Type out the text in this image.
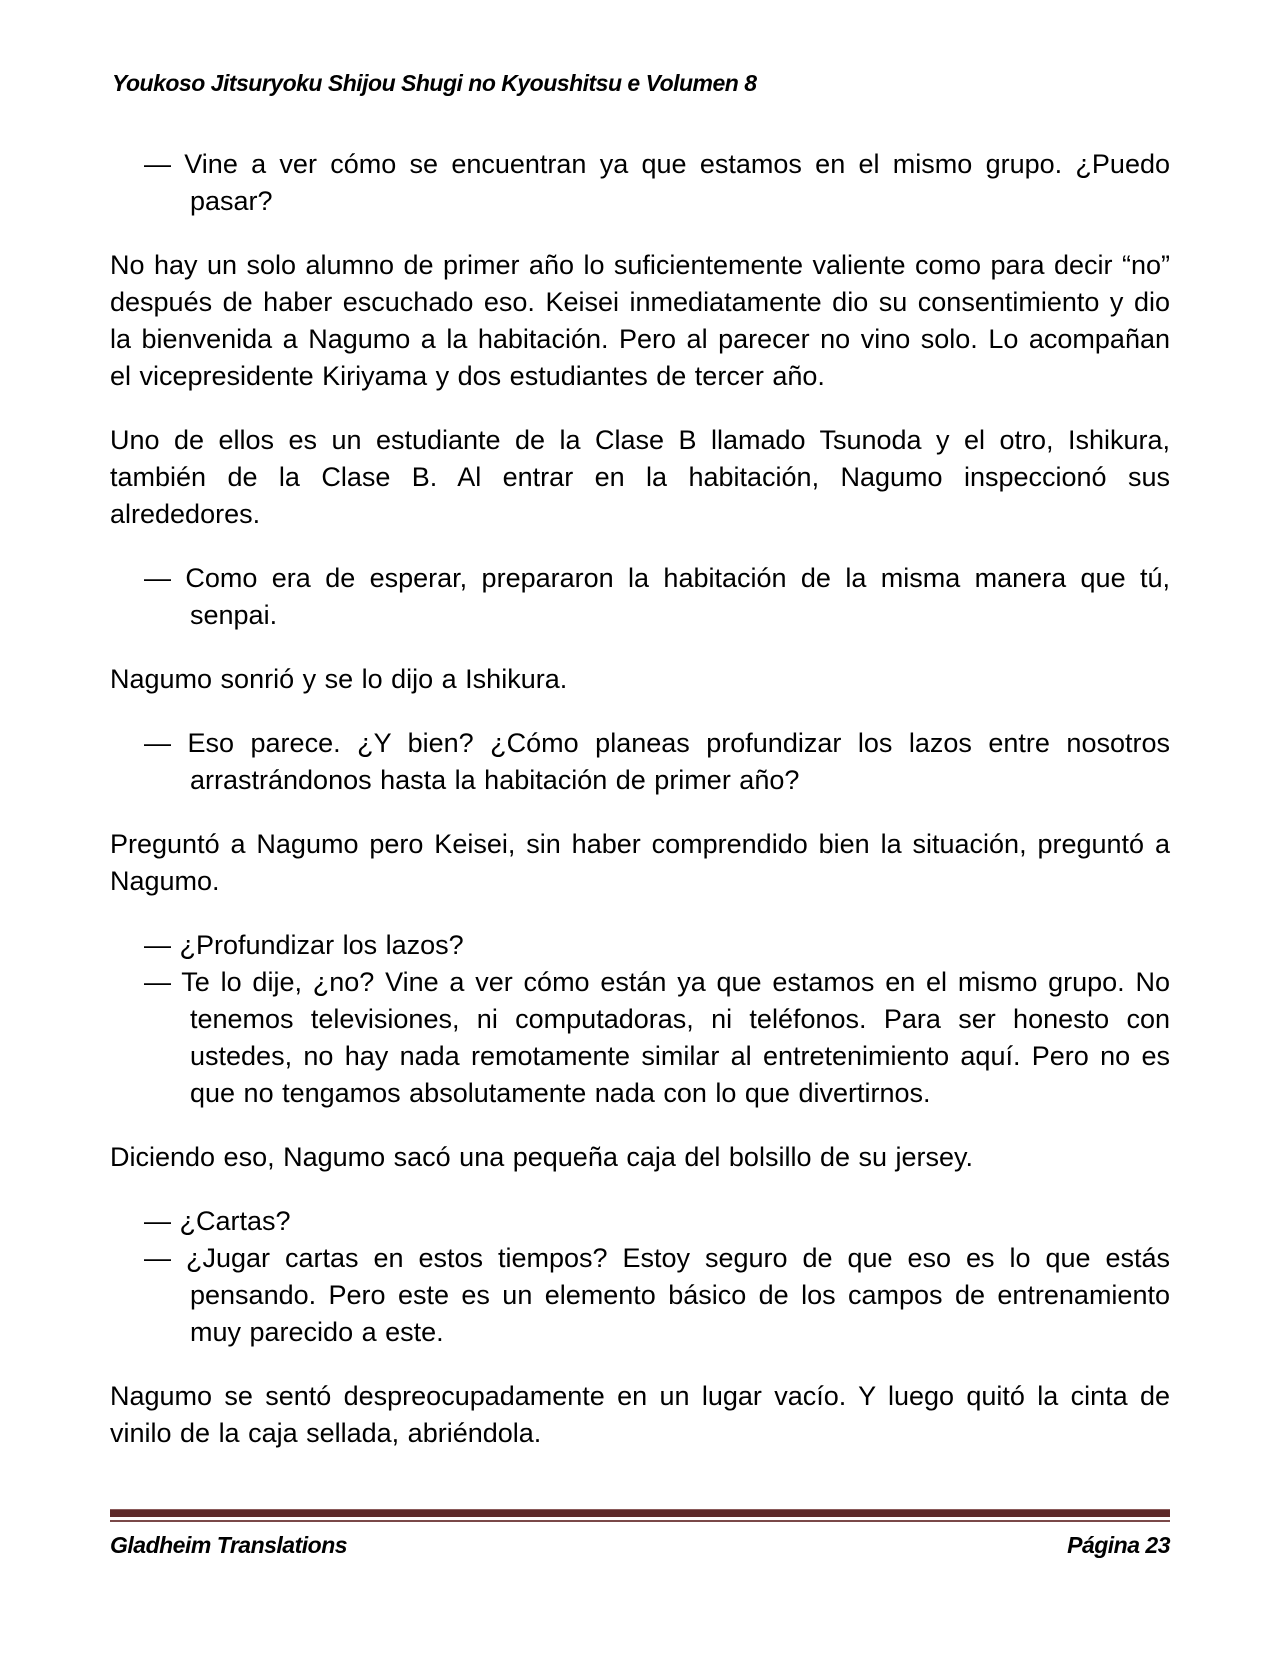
Youkoso Jitsuryoku Shijou Shugi no Kyoushitsu e Volumen 8

— Vine a ver cómo se encuentran ya que estamos en el mismo grupo. ¿Puedo pasar?

No hay un solo alumno de primer año lo suficientemente valiente como para decir “no” después de haber escuchado eso. Keisei inmediatamente dio su consentimiento y dio la bienvenida a Nagumo a la habitación. Pero al parecer no vino solo. Lo acompañan el vicepresidente Kiriyama y dos estudiantes de tercer año.

Uno de ellos es un estudiante de la Clase B llamado Tsunoda y el otro, Ishikura, también de la Clase B. Al entrar en la habitación, Nagumo inspeccionó sus alrededores.

— Como era de esperar, prepararon la habitación de la misma manera que tú, senpai.

Nagumo sonrió y se lo dijo a Ishikura.

— Eso parece. ¿Y bien? ¿Cómo planeas profundizar los lazos entre nosotros arrastrándonos hasta la habitación de primer año?

Preguntó a Nagumo pero Keisei, sin haber comprendido bien la situación, preguntó a Nagumo.

— ¿Profundizar los lazos?

— Te lo dije, ¿no? Vine a ver cómo están ya que estamos en el mismo grupo. No tenemos televisiones, ni computadoras, ni teléfonos. Para ser honesto con ustedes, no hay nada remotamente similar al entretenimiento aquí. Pero no es que no tengamos absolutamente nada con lo que divertirnos.

Diciendo eso, Nagumo sacó una pequeña caja del bolsillo de su jersey.

— ¿Cartas?

— ¿Jugar cartas en estos tiempos? Estoy seguro de que eso es lo que estás pensando. Pero este es un elemento básico de los campos de entrenamiento muy parecido a este.

Nagumo se sentó despreocupadamente en un lugar vacío. Y luego quitó la cinta de vinilo de la caja sellada, abriéndola.

Gladheim Translations	Página 23
